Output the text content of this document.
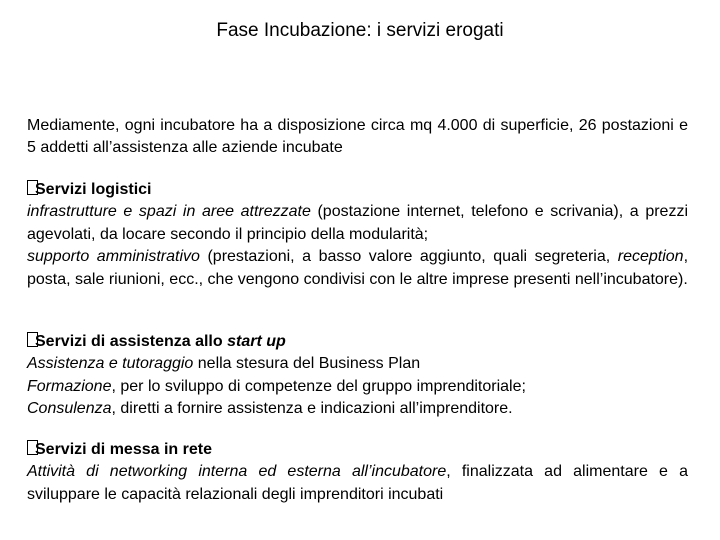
Fase Incubazione: i servizi erogati
Mediamente, ogni incubatore ha a disposizione circa mq 4.000 di superficie, 26 postazioni e 5 addetti all’assistenza alle aziende incubate
Servizi logistici
infrastrutture e spazi in aree attrezzate (postazione internet, telefono e scrivania), a prezzi agevolati, da locare secondo il principio della modularità;
supporto amministrativo (prestazioni, a basso valore aggiunto, quali segreteria, reception, posta, sale riunioni, ecc., che vengono condivisi con le altre imprese presenti nell’incubatore).
Servizi di assistenza allo start up
Assistenza e tutoraggio nella stesura del Business Plan
Formazione, per lo sviluppo di competenze del gruppo imprenditoriale;
Consulenza, diretti a fornire assistenza e indicazioni all’imprenditore.
Servizi di messa in rete
Attività di networking interna ed esterna all’incubatore, finalizzata ad alimentare e a sviluppare le capacità relazionali degli imprenditori incubati
